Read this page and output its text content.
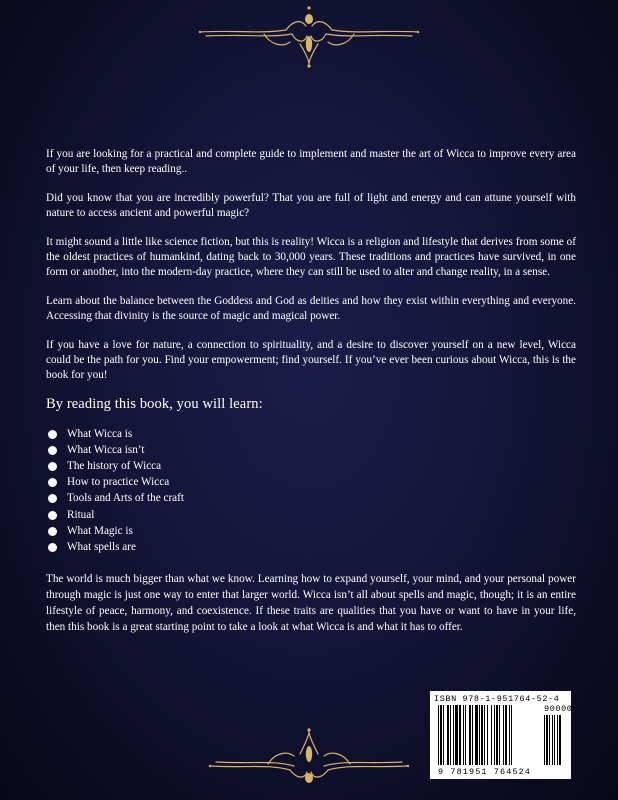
If you are looking for a practical and complete guide to implement and master the art of Wicca to improve every area of your life, then keep reading..

Did you know that you are incredibly powerful? That you are full of light and energy and can attune yourself with nature to access ancient and powerful magic?

It might sound a little like science fiction, but this is reality! Wicca is a religion and lifestyle that derives from some of the oldest practices of humankind, dating back to 30,000 years. These traditions and practices have survived, in one form or another, into the modern-day practice, where they can still be used to alter and change reality, in a sense.

Learn about the balance between the Goddess and God as deities and how they exist within everything and everyone. Accessing that divinity is the source of magic and magical power.

If you have a love for nature, a connection to spirituality, and a desire to discover yourself on a new level, Wicca could be the path for you. Find your empowerment; find yourself. If you’ve ever been curious about Wicca, this is the book for you!

By reading this book, you will learn:
What Wicca is
What Wicca isn’t
The history of Wicca
How to practice Wicca
Tools and Arts of the craft
Ritual
What Magic is
What spells are

The world is much bigger than what we know. Learning how to expand yourself, your mind, and your personal power through magic is just one way to enter that larger world. Wicca isn’t all about spells and magic, though; it is an entire lifestyle of peace, harmony, and coexistence. If these traits are qualities that you have or want to have in your life, then this book is a great starting point to take a look at what Wicca is and what it has to offer.

ISBN 978-1-951764-52-4
90000
9 781951 764524
